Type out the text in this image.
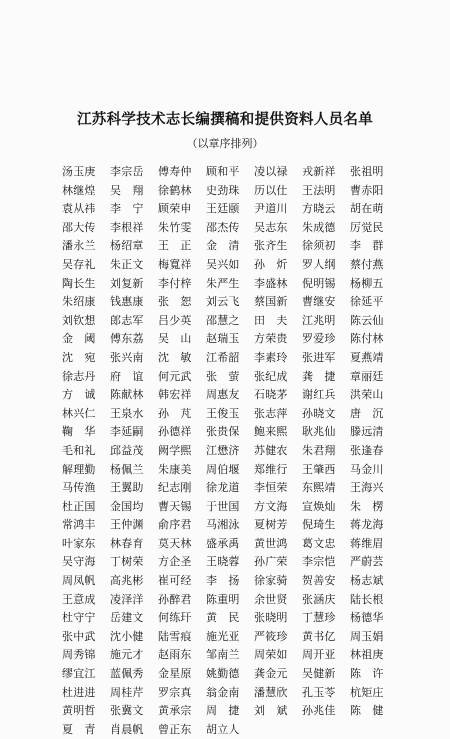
江苏科学技术志长编撰稿和提供资料人员名单
（以章序排列）
汤玉庚	李宗岳	傅寿仲	顾和平	凌以禄	戎新祥	张祖明
林继煌	吴　翔	徐鹤林	史劲珠	历以仕	王法明	曹赤阳
袁从祎	李　宁	顾荣申	王廷颐	尹道川	方晓云	胡在萌
邵大传	李根祥	朱竹雯	邵杰传	吴志东	朱成德	厉觉民
潘永兰	杨绍章	王　正	金　清	张齐生	徐须初	李　群
吴存礼	朱正文	梅寬祥	吴兴如	孙　炘	罗人纲	蔡付燕
陶长生	刘复新	李付梓	朱严生	李盛林	倪明锡	杨柳五
朱绍康	钱惠康	张　恕	刘云飞	蔡国新	曹继安	徐延平
刘钦想	郎志军	吕少英	邵慧之	田　夫	江兆明	陈云仙
金　阈	傅东荔	吴　山	赵瑞玉	方荣贵	罗爱珍	陈付林
沈　宛	张兴南	沈　敏	江希韶	李素玲	张进军	夏燕靖
徐志丹	府　谊	何元武	张　萤	张纪成	龚　捷	章丽廷
方　诚	陈献林	韩宏祥	周惠友	石晓茅	谢红兵	洪荣山
林兴仁	王泉水	孙　芃	王俊玉	张志萍	孙晓文	唐　沉
鞠　华	李延嗣	孙德祥	张贵保	鲍来熙	耿兆仙	滕远清
毛和礼	邱益茂	阙学熙	江懋济	苏健农	朱君翔	张逢春
解理勤	杨佩兰	朱康美	周伯堰	郑维行	王肇西	马金川
马传渔	王翼助	纪志刚	徐龙道	李恒荣	东熙靖	王海兴
杜正国	金国均	曹天锡	于世国	方文海	宣焕灿	朱　楞
常鸿丰	王仲渊	俞序君	马湘泳	夏树芳	倪琦生	蒋龙海
叶家东	林春育	莫天林	盛承禹	黄世鸿	葛文忠	蒋维眉
吴守海	丁树荣	方企圣	王晓蓉	孙广荣	李宗恺	严蔚芸
周凤帆	高兆彬	崔可经	李　扬	徐家骑	贺善安	杨志斌
王意成	凌泽洋	孙醉君	陈重明	余世贤	张涵庆	陆长根
杜守宁	岳建文	何练玕	黄　民	张晓明	丁慧珍	杨德华
张中武	沈小健	陆雪痕	施光亚	严筱珍	黄书亿	周玉娟
周秀锦	施元才	赵雨东	邹南兰	周荣如	周开亚	林祖庚
缪宜江	蓝佩秀	金星原	姚勤德	龚金元	吴健新	陈　许
杜进进	周桂芹	罗宗真	翁金南	潘慧欣	孔玉苓	杭矩庄
黄明哲	张冀文	黄承宗	周　捷	刘　斌	孙兆佳	陈　健
夏　青	肖晨帆	曾正东	胡立人
